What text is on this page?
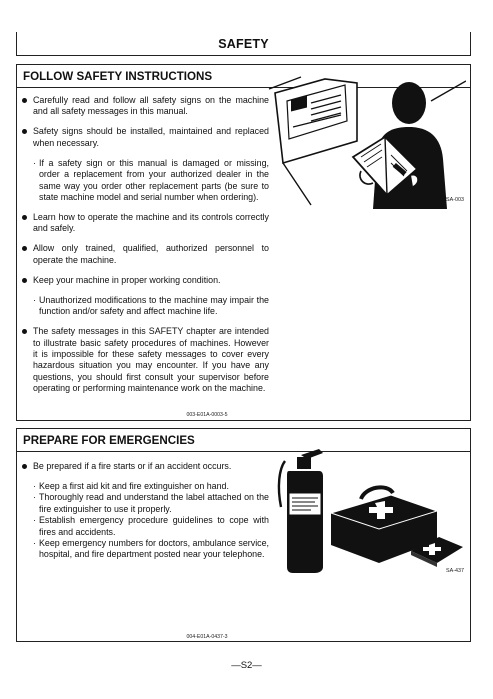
SAFETY
FOLLOW SAFETY INSTRUCTIONS
Carefully read and follow all safety signs on the machine and all safety messages in this manual.
Safety signs should be installed, maintained and replaced when necessary.
· If a safety sign or this manual is damaged or missing, order a replacement from your authorized dealer in the same way you order other replacement parts (be sure to state machine model and serial number when ordering).
Learn how to operate the machine and its controls correctly and safely.
Allow only trained, qualified, authorized personnel to operate the machine.
Keep your machine in proper working condition.
· Unauthorized modifications to the machine may impair the function and/or safety and affect machine life.
The safety messages in this SAFETY chapter are intended to illustrate basic safety procedures of machines. However it is impossible for these safety messages to cover every hazardous situation you may encounter. If you have any questions, you should first consult your supervisor before operating or performing maintenance work on the machine.
SA-003
003-E01A-0003-5
PREPARE FOR EMERGENCIES
Be prepared if a fire starts or if an accident occurs.
· Keep a first aid kit and fire extinguisher on hand.
· Thoroughly read and understand the label attached on the fire extinguisher to use it properly.
· Establish emergency procedure guidelines to cope with fires and accidents.
· Keep emergency numbers for doctors, ambulance service, hospital, and fire department posted near your telephone.
SA-437
004-E01A-0437-3
—S2—
